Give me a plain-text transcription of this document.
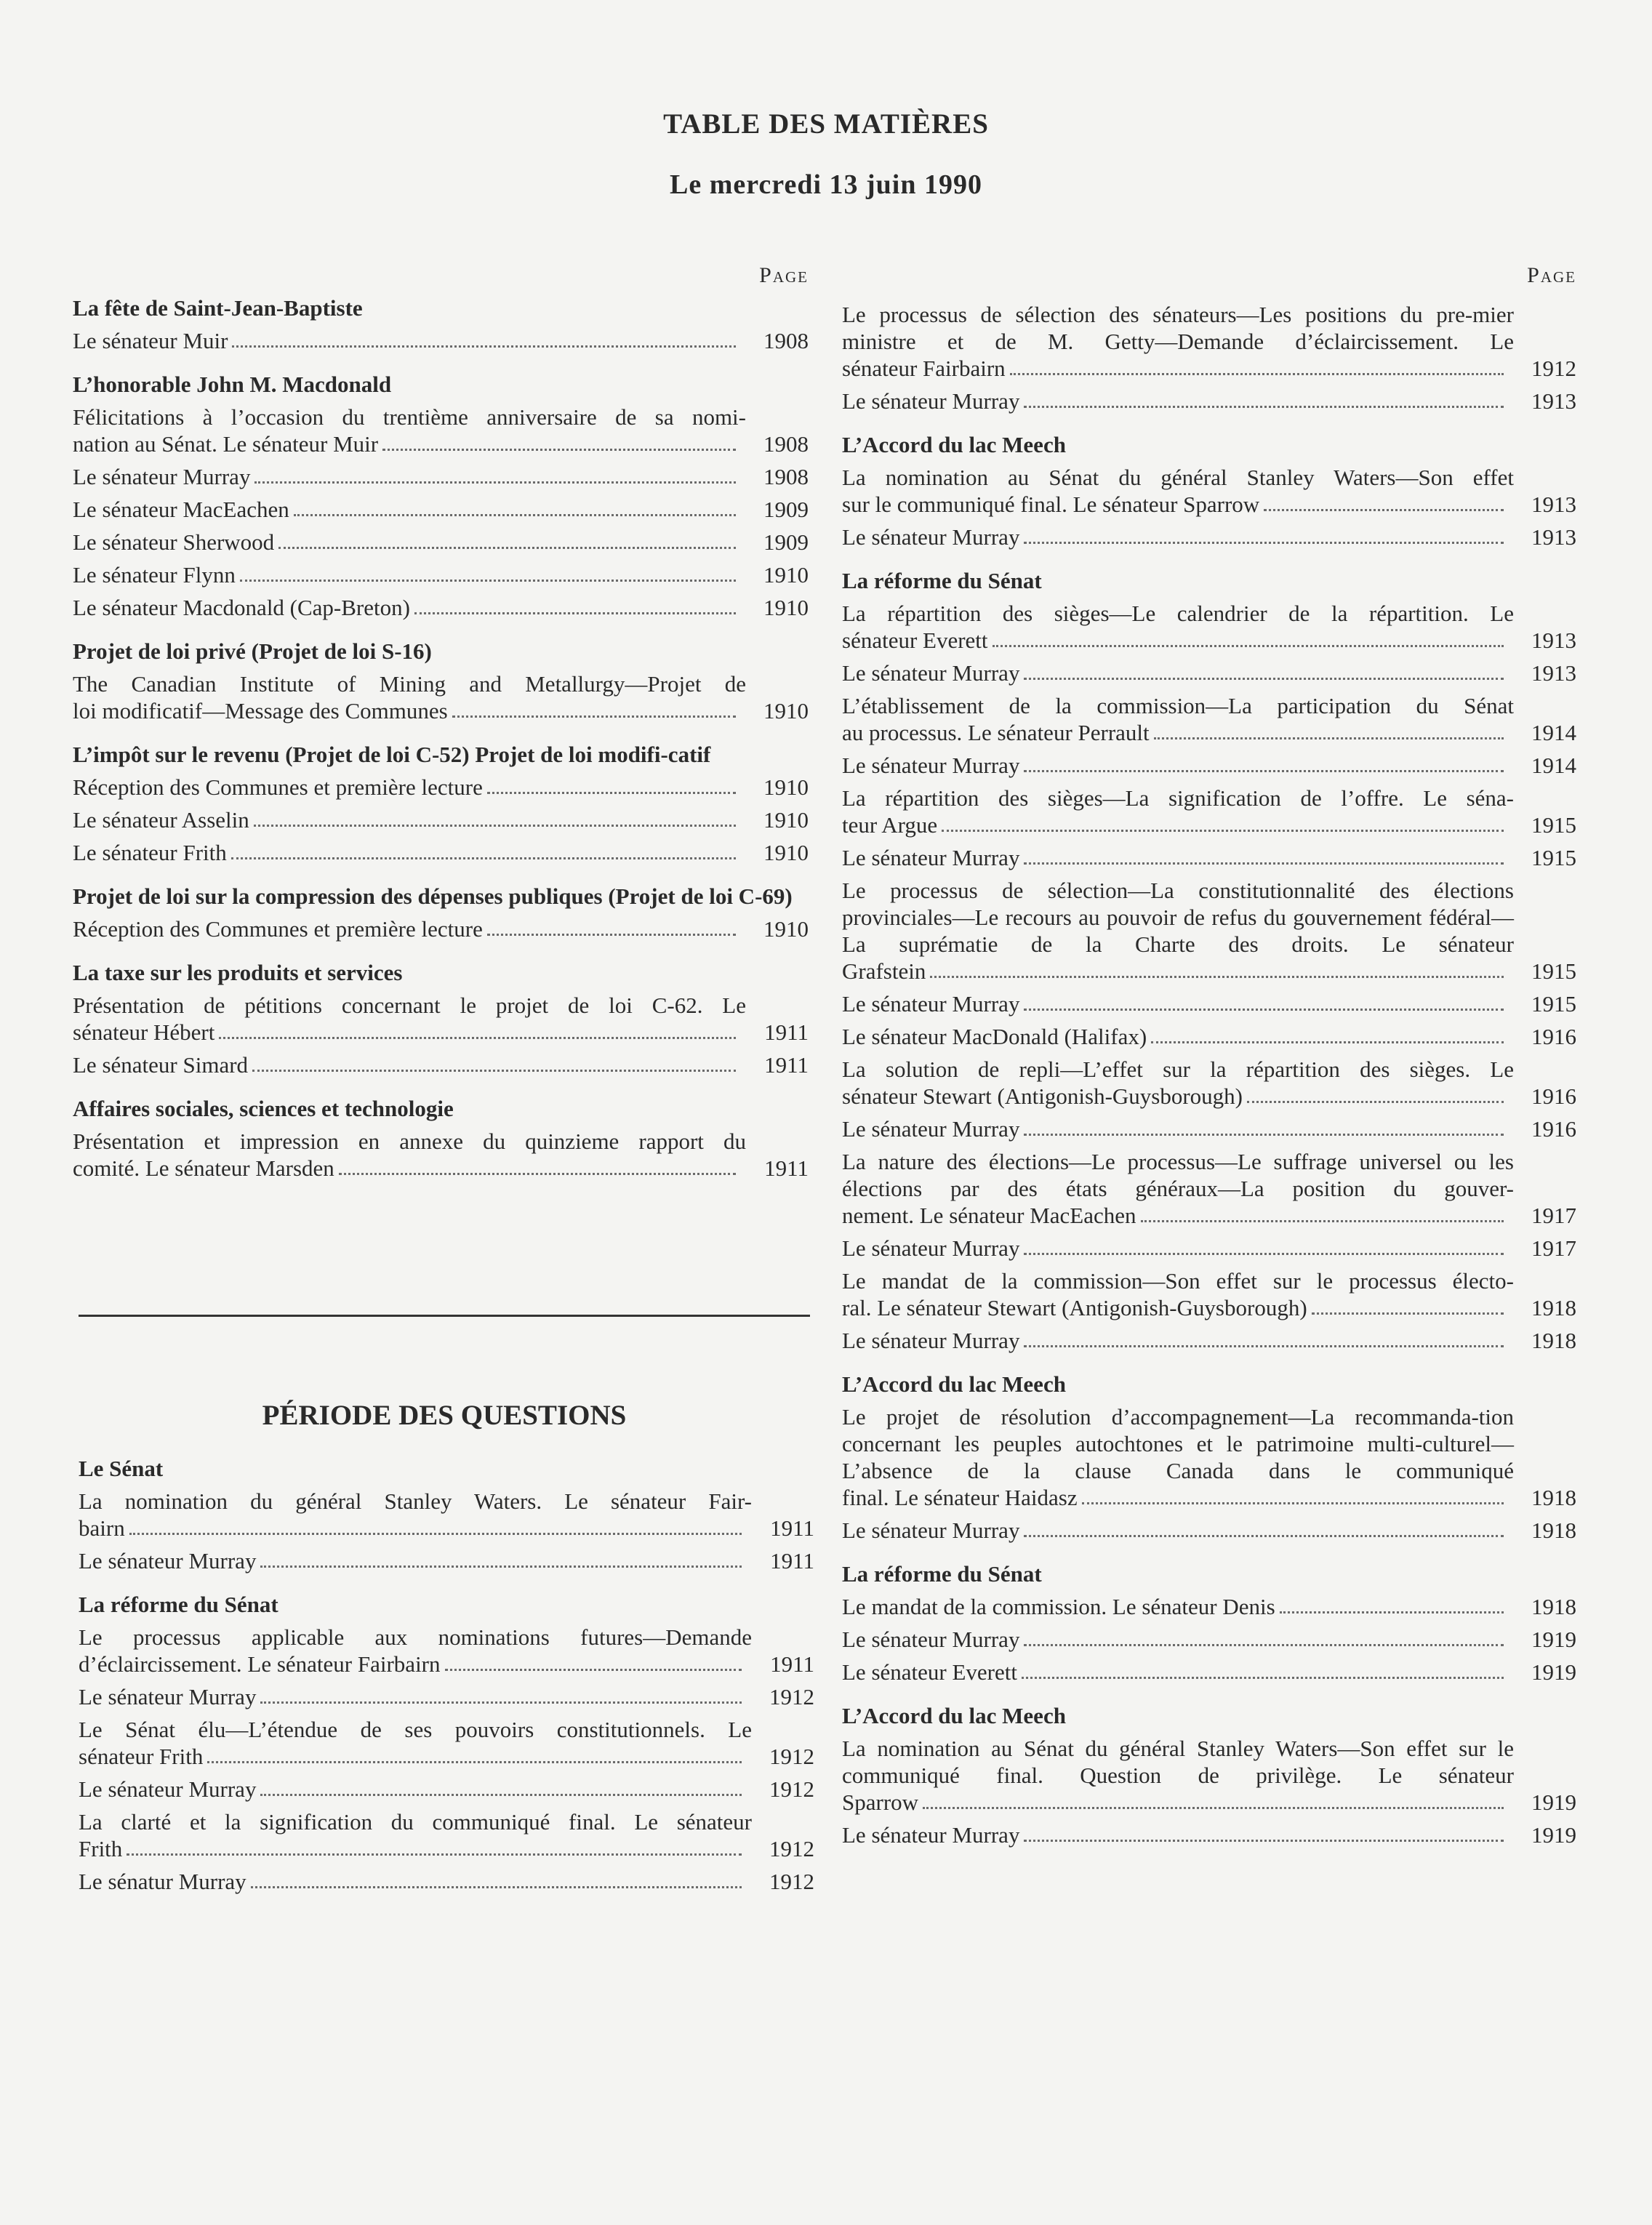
TABLE DES MATIÈRES
Le mercredi 13 juin 1990
Page
La fête de Saint-Jean-Baptiste
Le sénateur Muir	1908
L’honorable John M. Macdonald
Félicitations à l’occasion du trentième anniversaire de sa nomi-
nation au Sénat. Le sénateur Muir	1908
Le sénateur Murray	1908
Le sénateur MacEachen	1909
Le sénateur Sherwood	1909
Le sénateur Flynn	1910
Le sénateur Macdonald (Cap-Breton)	1910
Projet de loi privé (Projet de loi S-16)
The Canadian Institute of Mining and Metallurgy—Projet de
loi modificatif—Message des Communes	1910
L’impôt sur le revenu (Projet de loi C-52) Projet de loi modifi-catif
Réception des Communes et première lecture	1910
Le sénateur Asselin	1910
Le sénateur Frith	1910
Projet de loi sur la compression des dépenses publiques (Projet de loi C-69)
Réception des Communes et première lecture	1910
La taxe sur les produits et services
Présentation de pétitions concernant le projet de loi C-62. Le
sénateur Hébert	1911
Le sénateur Simard	1911
Affaires sociales, sciences et technologie
Présentation et impression en annexe du quinzieme rapport du
comité. Le sénateur Marsden	1911
PÉRIODE DES QUESTIONS
Le Sénat
La nomination du général Stanley Waters. Le sénateur Fair-
bairn	1911
Le sénateur Murray	1911
La réforme du Sénat
Le processus applicable aux nominations futures—Demande
d’éclaircissement. Le sénateur Fairbairn	1911
Le sénateur Murray	1912
Le Sénat élu—L’étendue de ses pouvoirs constitutionnels. Le
sénateur Frith	1912
Le sénateur Murray	1912
La clarté et la signification du communiqué final. Le sénateur
Frith	1912
Le sénatur Murray	1912
Page
Le processus de sélection des sénateurs—Les positions du pre-mier ministre et de M. Getty—Demande d’éclaircissement. Le
sénateur Fairbairn	1912
Le sénateur Murray	1913
L’Accord du lac Meech
La nomination au Sénat du général Stanley Waters—Son effet
sur le communiqué final. Le sénateur Sparrow	1913
Le sénateur Murray	1913
La réforme du Sénat
La répartition des sièges—Le calendrier de la répartition. Le
sénateur Everett	1913
Le sénateur Murray	1913
L’établissement de la commission—La participation du Sénat
au processus. Le sénateur Perrault	1914
Le sénateur Murray	1914
La répartition des sièges—La signification de l’offre. Le séna-
teur Argue	1915
Le sénateur Murray	1915
Le processus de sélection—La constitutionnalité des élections provinciales—Le recours au pouvoir de refus du gouvernement fédéral—La suprématie de la Charte des droits. Le sénateur
Grafstein	1915
Le sénateur Murray	1915
Le sénateur MacDonald (Halifax)	1916
La solution de repli—L’effet sur la répartition des sièges. Le
sénateur Stewart (Antigonish-Guysborough)	1916
Le sénateur Murray	1916
La nature des élections—Le processus—Le suffrage universel ou les élections par des états généraux—La position du gouver-
nement. Le sénateur MacEachen	1917
Le sénateur Murray	1917
Le mandat de la commission—Son effet sur le processus électo-
ral. Le sénateur Stewart (Antigonish-Guysborough)	1918
Le sénateur Murray	1918
L’Accord du lac Meech
Le projet de résolution d’accompagnement—La recommanda-tion concernant les peuples autochtones et le patrimoine multi-culturel—L’absence de la clause Canada dans le communiqué
final. Le sénateur Haidasz	1918
Le sénateur Murray	1918
La réforme du Sénat
Le mandat de la commission. Le sénateur Denis	1918
Le sénateur Murray	1919
Le sénateur Everett	1919
L’Accord du lac Meech
La nomination au Sénat du général Stanley Waters—Son effet sur le communiqué final. Question de privilège. Le sénateur
Sparrow	1919
Le sénateur Murray	1919
